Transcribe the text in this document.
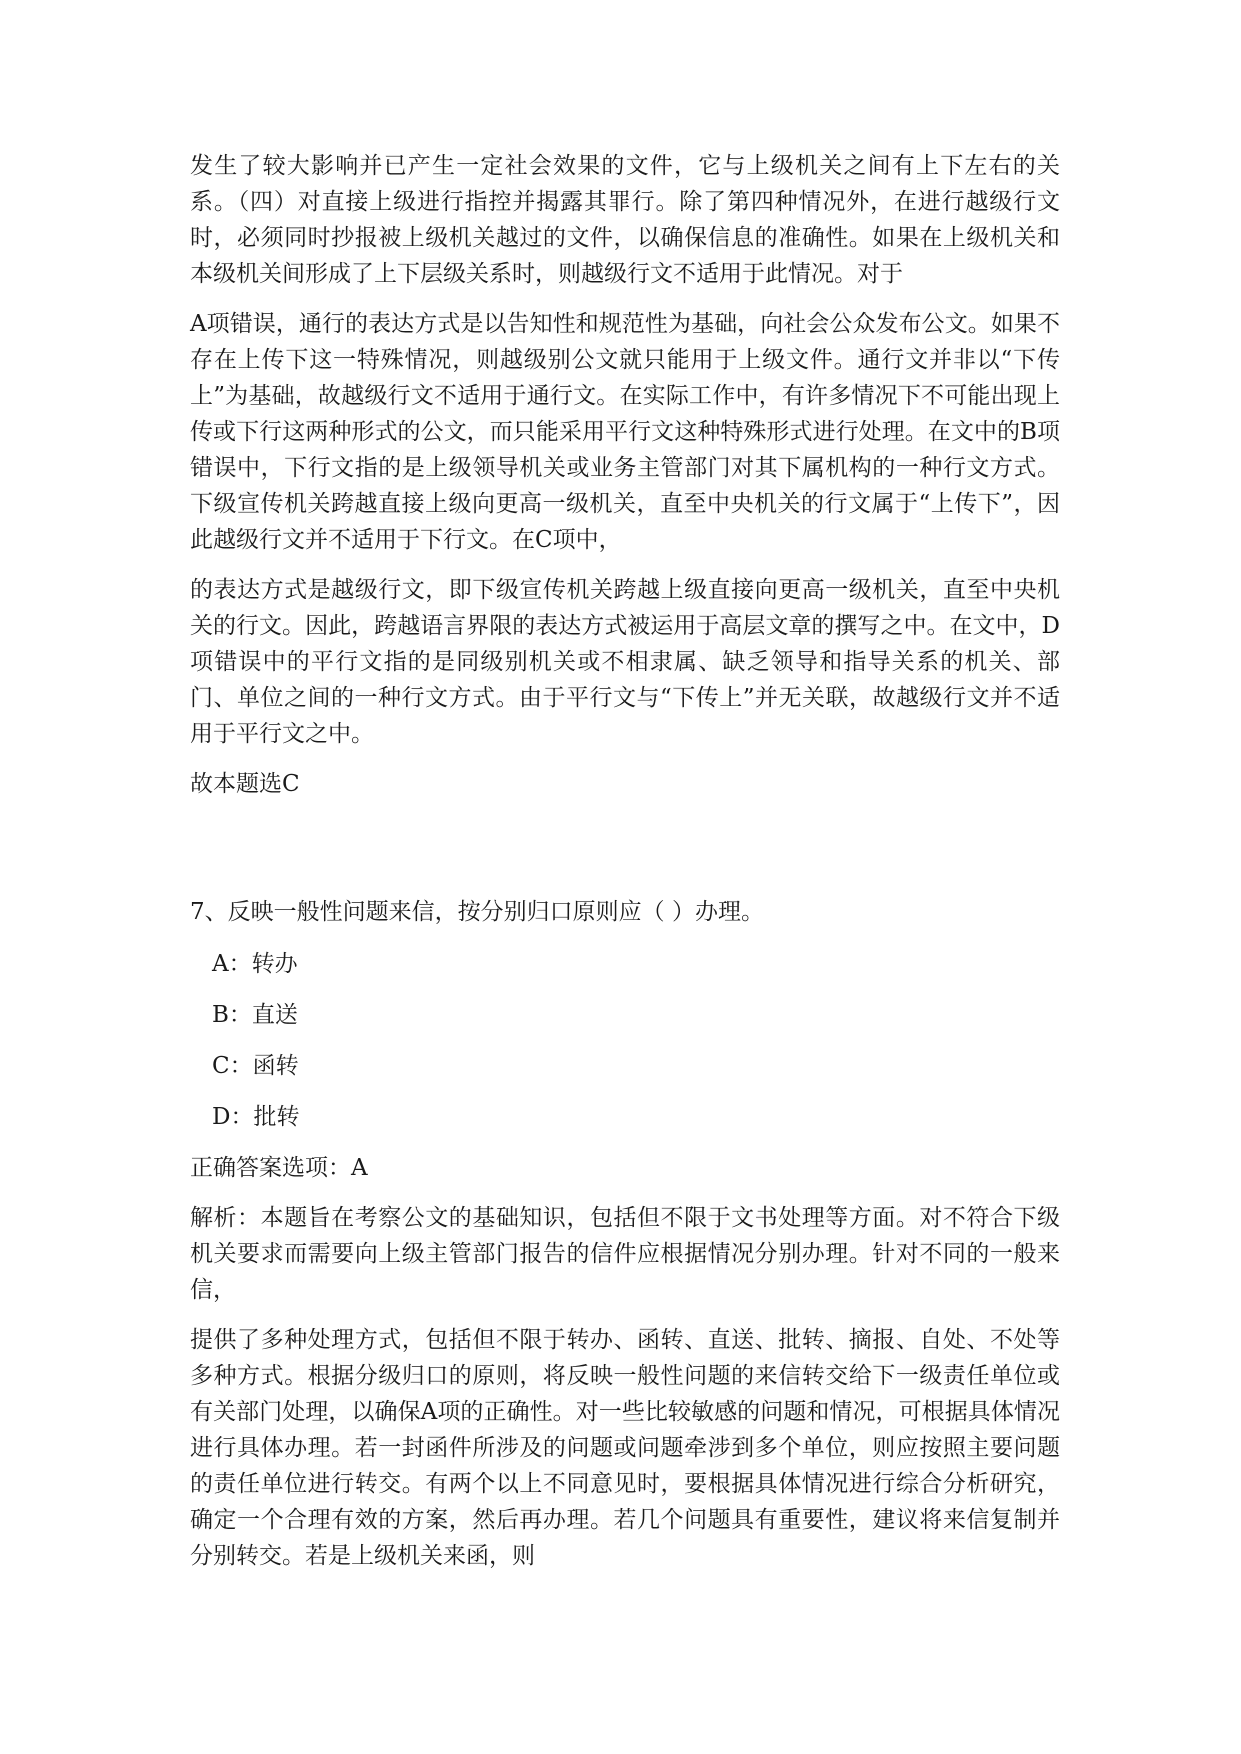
发生了较大影响并已产生一定社会效果的文件，它与上级机关之间有上下左右的关系。（四）对直接上级进行指控并揭露其罪行。除了第四种情况外，在进行越级行文时，必须同时抄报被上级机关越过的文件，以确保信息的准确性。如果在上级机关和本级机关间形成了上下层级关系时，则越级行文不适用于此情况。对于

A项错误，通行的表达方式是以告知性和规范性为基础，向社会公众发布公文。如果不存在上传下这一特殊情况，则越级别公文就只能用于上级文件。通行文并非以“下传上”为基础，故越级行文不适用于通行文。在实际工作中，有许多情况下不可能出现上传或下行这两种形式的公文，而只能采用平行文这种特殊形式进行处理。在文中的B项错误中，下行文指的是上级领导机关或业务主管部门对其下属机构的一种行文方式。下级宣传机关跨越直接上级向更高一级机关，直至中央机关的行文属于“上传下”，因此越级行文并不适用于下行文。在C项中，

的表达方式是越级行文，即下级宣传机关跨越上级直接向更高一级机关，直至中央机关的行文。因此，跨越语言界限的表达方式被运用于高层文章的撰写之中。在文中，D项错误中的平行文指的是同级别机关或不相隶属、缺乏领导和指导关系的机关、部门、单位之间的一种行文方式。由于平行文与“下传上”并无关联，故越级行文并不适用于平行文之中。

故本题选C

7、反映一般性问题来信，按分别归口原则应（ ）办理。

A：转办

B：直送

C：函转

D：批转

正确答案选项：A

解析：本题旨在考察公文的基础知识，包括但不限于文书处理等方面。对不符合下级机关要求而需要向上级主管部门报告的信件应根据情况分别办理。针对不同的一般来信，

提供了多种处理方式，包括但不限于转办、函转、直送、批转、摘报、自处、不处等多种方式。根据分级归口的原则，将反映一般性问题的来信转交给下一级责任单位或有关部门处理，以确保A项的正确性。对一些比较敏感的问题和情况，可根据具体情况进行具体办理。若一封函件所涉及的问题或问题牵涉到多个单位，则应按照主要问题的责任单位进行转交。有两个以上不同意见时，要根据具体情况进行综合分析研究，确定一个合理有效的方案，然后再办理。若几个问题具有重要性，建议将来信复制并分别转交。若是上级机关来函，则
